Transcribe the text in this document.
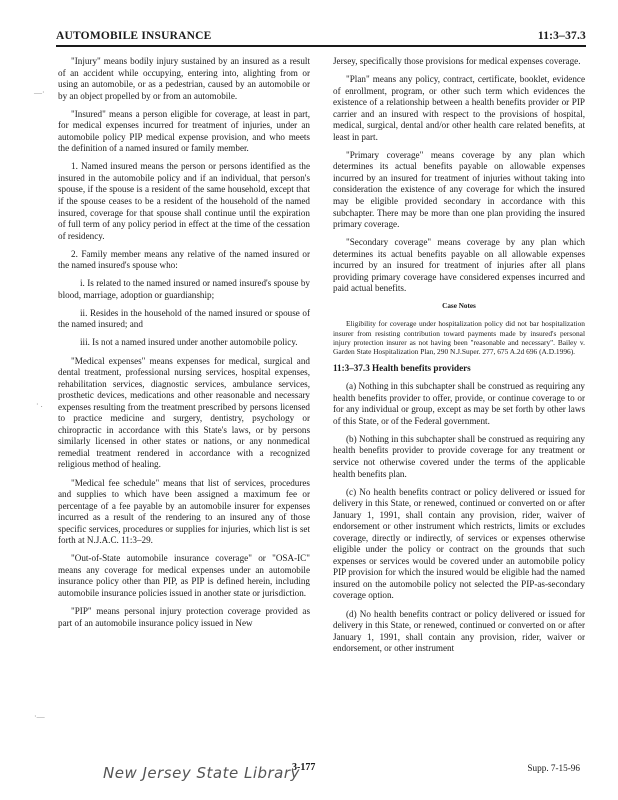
AUTOMOBILE INSURANCE	11:3–37.3

"Injury" means bodily injury sustained by an insured as a result of an accident while occupying, entering into, alighting from or using an automobile, or as a pedestrian, caused by an automobile or by an object propelled by or from an automobile.

"Insured" means a person eligible for coverage, at least in part, for medical expenses incurred for treatment of injuries, under an automobile policy PIP medical expense provision, and who meets the definition of a named insured or family member.

1. Named insured means the person or persons identified as the insured in the automobile policy and if an individual, that person's spouse, if the spouse is a resident of the same household, except that if the spouse ceases to be a resident of the household of the named insured, coverage for that spouse shall continue until the expiration of full term of any policy period in effect at the time of the cessation of residency.

2. Family member means any relative of the named insured or the named insured's spouse who:

i. Is related to the named insured or named insured's spouse by blood, marriage, adoption or guardianship;

ii. Resides in the household of the named insured or spouse of the named insured; and

iii. Is not a named insured under another automobile policy.

"Medical expenses" means expenses for medical, surgical and dental treatment, professional nursing services, hospital expenses, rehabilitation services, diagnostic services, ambulance services, prosthetic devices, medications and other reasonable and necessary expenses resulting from the treatment prescribed by persons licensed to practice medicine and surgery, dentistry, psychology or chiropractic in accordance with this State's laws, or by persons similarly licensed in other states or nations, or any nonmedical remedial treatment rendered in accordance with a recognized religious method of healing.

"Medical fee schedule" means that list of services, procedures and supplies to which have been assigned a maximum fee or percentage of a fee payable by an automobile insurer for expenses incurred as a result of the rendering to an insured any of those specific services, procedures or supplies for injuries, which list is set forth at N.J.A.C. 11:3–29.

"Out-of-State automobile insurance coverage" or "OSA-IC" means any coverage for medical expenses under an automobile insurance policy other than PIP, as PIP is defined herein, including automobile insurance policies issued in another state or jurisdiction.

"PIP" means personal injury protection coverage provided as part of an automobile insurance policy issued in New

Jersey, specifically those provisions for medical expenses coverage.

"Plan" means any policy, contract, certificate, booklet, evidence of enrollment, program, or other such term which evidences the existence of a relationship between a health benefits provider or PIP carrier and an insured with respect to the provisions of hospital, medical, surgical, dental and/or other health care related benefits, at least in part.

"Primary coverage" means coverage by any plan which determines its actual benefits payable on allowable expenses incurred by an insured for treatment of injuries without taking into consideration the existence of any coverage for which the insured may be eligible provided secondary in accordance with this subchapter. There may be more than one plan providing the insured primary coverage.

"Secondary coverage" means coverage by any plan which determines its actual benefits payable on all allowable expenses incurred by an insured for treatment of injuries after all plans providing primary coverage have considered expenses incurred and paid actual benefits.

Case Notes

Eligibility for coverage under hospitalization policy did not bar hospitalization insurer from resisting contribution toward payments made by insured's personal injury protection insurer as not having been "reasonable and necessary". Bailey v. Garden State Hospitalization Plan, 290 N.J.Super. 277, 675 A.2d 696 (A.D.1996).

11:3–37.3 Health benefits providers

(a) Nothing in this subchapter shall be construed as requiring any health benefits provider to offer, provide, or continue coverage to or for any individual or group, except as may be set forth by other laws of this State, or of the Federal government.

(b) Nothing in this subchapter shall be construed as requiring any health benefits provider to provide coverage for any treatment or service not otherwise covered under the terms of the applicable health benefits plan.

(c) No health benefits contract or policy delivered or issued for delivery in this State, or renewed, continued or converted on or after January 1, 1991, shall contain any provision, rider, waiver of endorsement or other instrument which restricts, limits or excludes coverage, directly or indirectly, of services or expenses otherwise eligible under the policy or contract on the grounds that such expenses or services would be covered under an automobile policy PIP provision for which the insured would be eligible had the named insured on the automobile policy not selected the PIP-as-secondary coverage option.

(d) No health benefits contract or policy delivered or issued for delivery in this State, or renewed, continued or converted on or after January 1, 1991, shall contain any provision, rider, waiver or endorsement, or other instrument

—·
· .
·—
New Jersey State Library
3-177	Supp. 7-15-96
